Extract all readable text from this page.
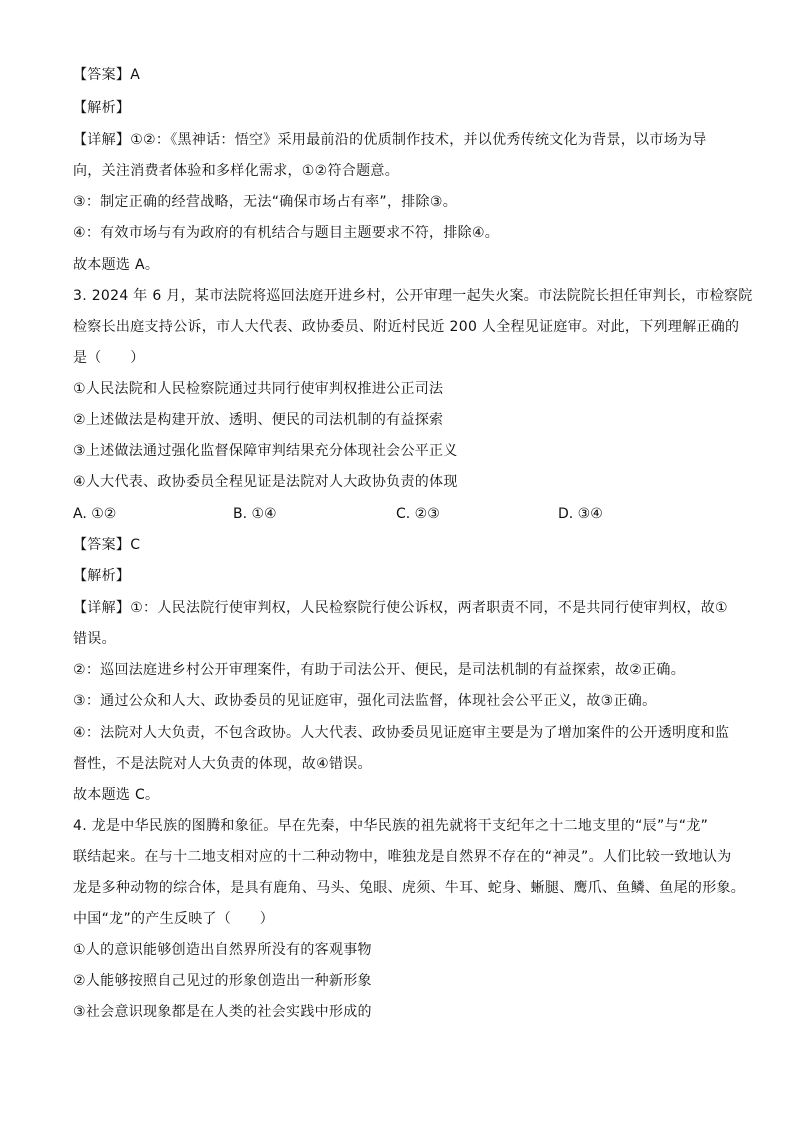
【答案】A
【解析】
【详解】①②：《黑神话：悟空》采用最前沿的优质制作技术，并以优秀传统文化为背景，以市场为导
向，关注消费者体验和多样化需求，①②符合题意。
③：制定正确的经营战略，无法“确保市场占有率”，排除③。
④：有效市场与有为政府的有机结合与题目主题要求不符，排除④。
故本题选 A。
3. 2024 年 6 月，某市法院将巡回法庭开进乡村，公开审理一起失火案。市法院院长担任审判长，市检察院
检察长出庭支持公诉，市人大代表、政协委员、附近村民近 200 人全程见证庭审。对此，下列理解正确的
是（　　）
①人民法院和人民检察院通过共同行使审判权推进公正司法
②上述做法是构建开放、透明、便民的司法机制的有益探索
③上述做法通过强化监督保障审判结果充分体现社会公平正义
④人大代表、政协委员全程见证是法院对人大政协负责的体现
A. ①②	B. ①④	C. ②③	D. ③④
【答案】C
【解析】
【详解】①：人民法院行使审判权，人民检察院行使公诉权，两者职责不同，不是共同行使审判权，故①
错误。
②：巡回法庭进乡村公开审理案件，有助于司法公开、便民，是司法机制的有益探索，故②正确。
③：通过公众和人大、政协委员的见证庭审，强化司法监督，体现社会公平正义，故③正确。
④：法院对人大负责，不包含政协。人大代表、政协委员见证庭审主要是为了增加案件的公开透明度和监
督性，不是法院对人大负责的体现，故④错误。
故本题选 C。
4. 龙是中华民族的图腾和象征。早在先秦，中华民族的祖先就将干支纪年之十二地支里的“辰”与“龙”
联结起来。在与十二地支相对应的十二种动物中，唯独龙是自然界不存在的“神灵”。人们比较一致地认为
龙是多种动物的综合体，是具有鹿角、马头、兔眼、虎须、牛耳、蛇身、蜥腿、鹰爪、鱼鳞、鱼尾的形象。
中国“龙”的产生反映了（　　）
①人的意识能够创造出自然界所没有的客观事物
②人能够按照自己见过的形象创造出一种新形象
③社会意识现象都是在人类的社会实践中形成的
